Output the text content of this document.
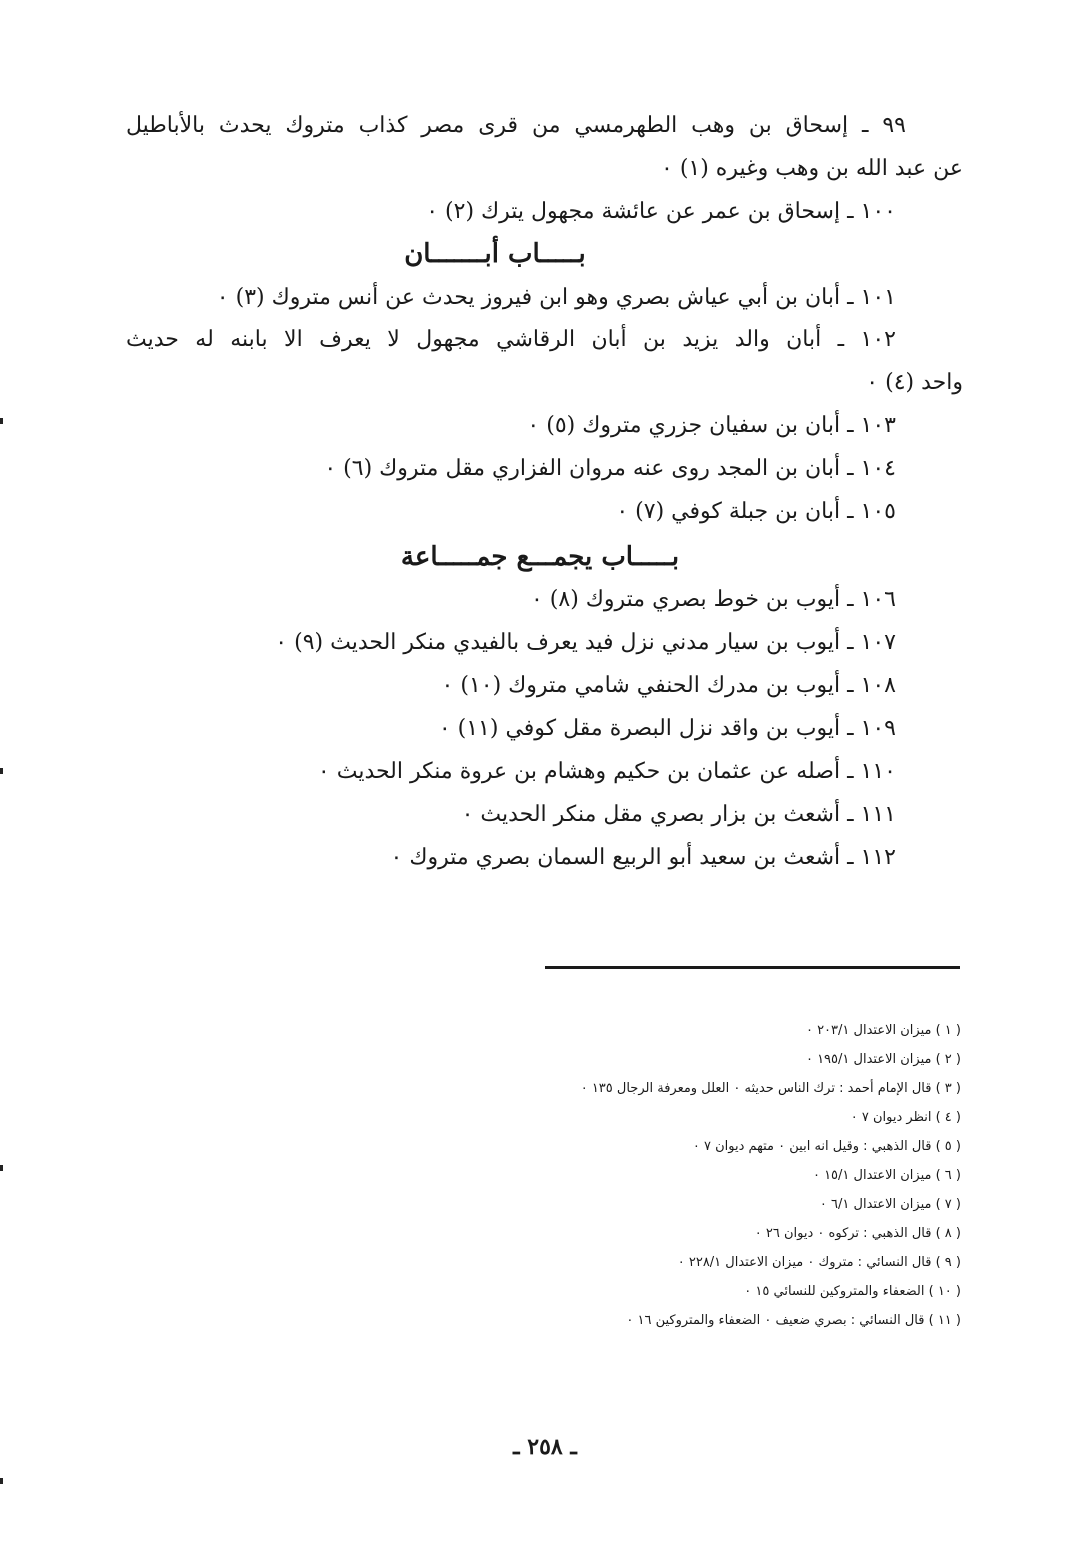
٩٩ ـ إسحاق بن وهب الطهرمسي من قرى مصر كذاب متروك يحدث بالأباطيل
عن عبد الله بن وهب وغيره (١) ٠
١٠٠ ـ إسحاق بن عمر عن عائشة مجهول يترك (٢) ٠
بـــــاب أبـــــــان
١٠١ ـ أبان بن أبي عياش بصري وهو ابن فيروز يحدث عن أنس متروك (٣) ٠
١٠٢ ـ أبان والد يزيد بن أبان الرقاشي مجهول لا يعرف الا بابنه له حديث
واحد (٤) ٠
١٠٣ ـ أبان بن سفيان جزري متروك (٥) ٠
١٠٤ ـ أبان بن المجد روى عنه مروان الفزاري مقل متروك (٦) ٠
١٠٥ ـ أبان بن جبلة كوفي (٧) ٠
بـــــاب يجمـــع جمـــــاعة
١٠٦ ـ أيوب بن خوط بصري متروك (٨) ٠
١٠٧ ـ أيوب بن سيار مدني نزل فيد يعرف بالفيدي منكر الحديث (٩) ٠
١٠٨ ـ أيوب بن مدرك الحنفي شامي متروك (١٠) ٠
١٠٩ ـ أيوب بن واقد نزل البصرة مقل كوفي (١١) ٠
١١٠ ـ أصله عن عثمان بن حكيم وهشام بن عروة منكر الحديث ٠
١١١ ـ أشعث بن بزار بصري مقل منكر الحديث ٠
١١٢ ـ أشعث بن سعيد أبو الربيع السمان بصري متروك ٠
( ١ ) ميزان الاعتدال ٢٠٣/١ ٠
( ٢ ) ميزان الاعتدال ١٩٥/١ ٠
( ٣ ) قال الإمام أحمد : ترك الناس حديثه ٠ العلل ومعرفة الرجال ١٣٥ ٠
( ٤ ) انظر ديوان ٧ ٠
( ٥ ) قال الذهبي : وقيل انه ابين ٠ متهم ديوان ٧ ٠
( ٦ ) ميزان الاعتدال ١٥/١ ٠
( ٧ ) ميزان الاعتدال ٦/١ ٠
( ٨ ) قال الذهبي : تركوه ٠ ديوان ٢٦ ٠
( ٩ ) قال النسائي : متروك ٠ ميزان الاعتدال ٢٢٨/١ ٠
( ١٠ ) الضعفاء والمتروكين للنسائي ١٥ ٠
( ١١ ) قال النسائي : بصري ضعيف ٠ الضعفاء والمتروكين ١٦ ٠
ـ ٢٥٨ ـ
